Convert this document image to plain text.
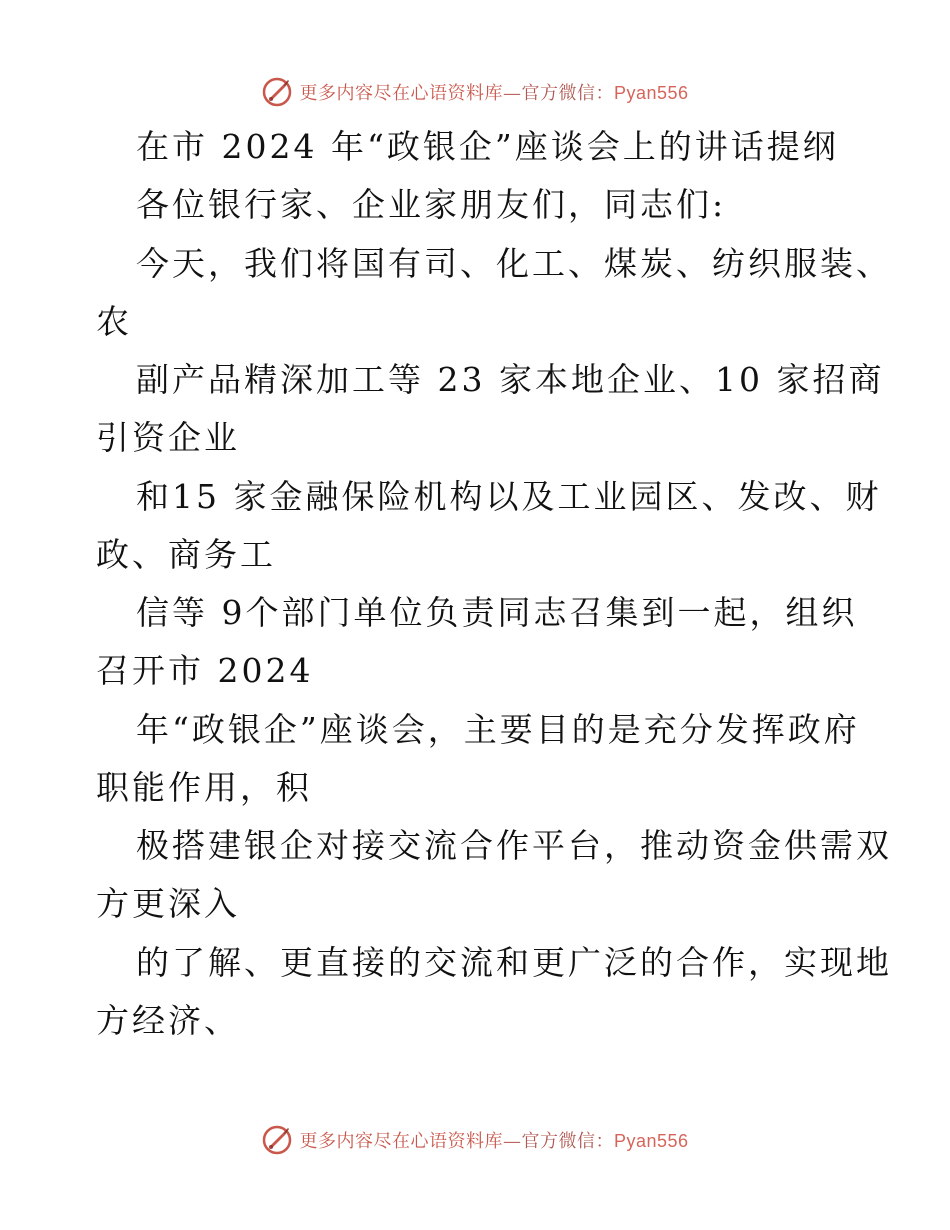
更多内容尽在心语资料库—官方微信：Pyan556
在市 2024 年“政银企”座谈会上的讲话提纲
各位银行家、企业家朋友们，同志们:
今天，我们将国有司、化工、煤炭、纺织服装、
农
副产品精深加工等 23 家本地企业、10 家招商
引资企业
和15 家金融保险机构以及工业园区、发改、财
政、商务工
信等 9个部门单位负责同志召集到一起，组织
召开市 2024
年“政银企”座谈会，主要目的是充分发挥政府
职能作用，积
极搭建银企对接交流合作平台，推动资金供需双
方更深入
的了解、更直接的交流和更广泛的合作，实现地
方经济、
更多内容尽在心语资料库—官方微信：Pyan556
